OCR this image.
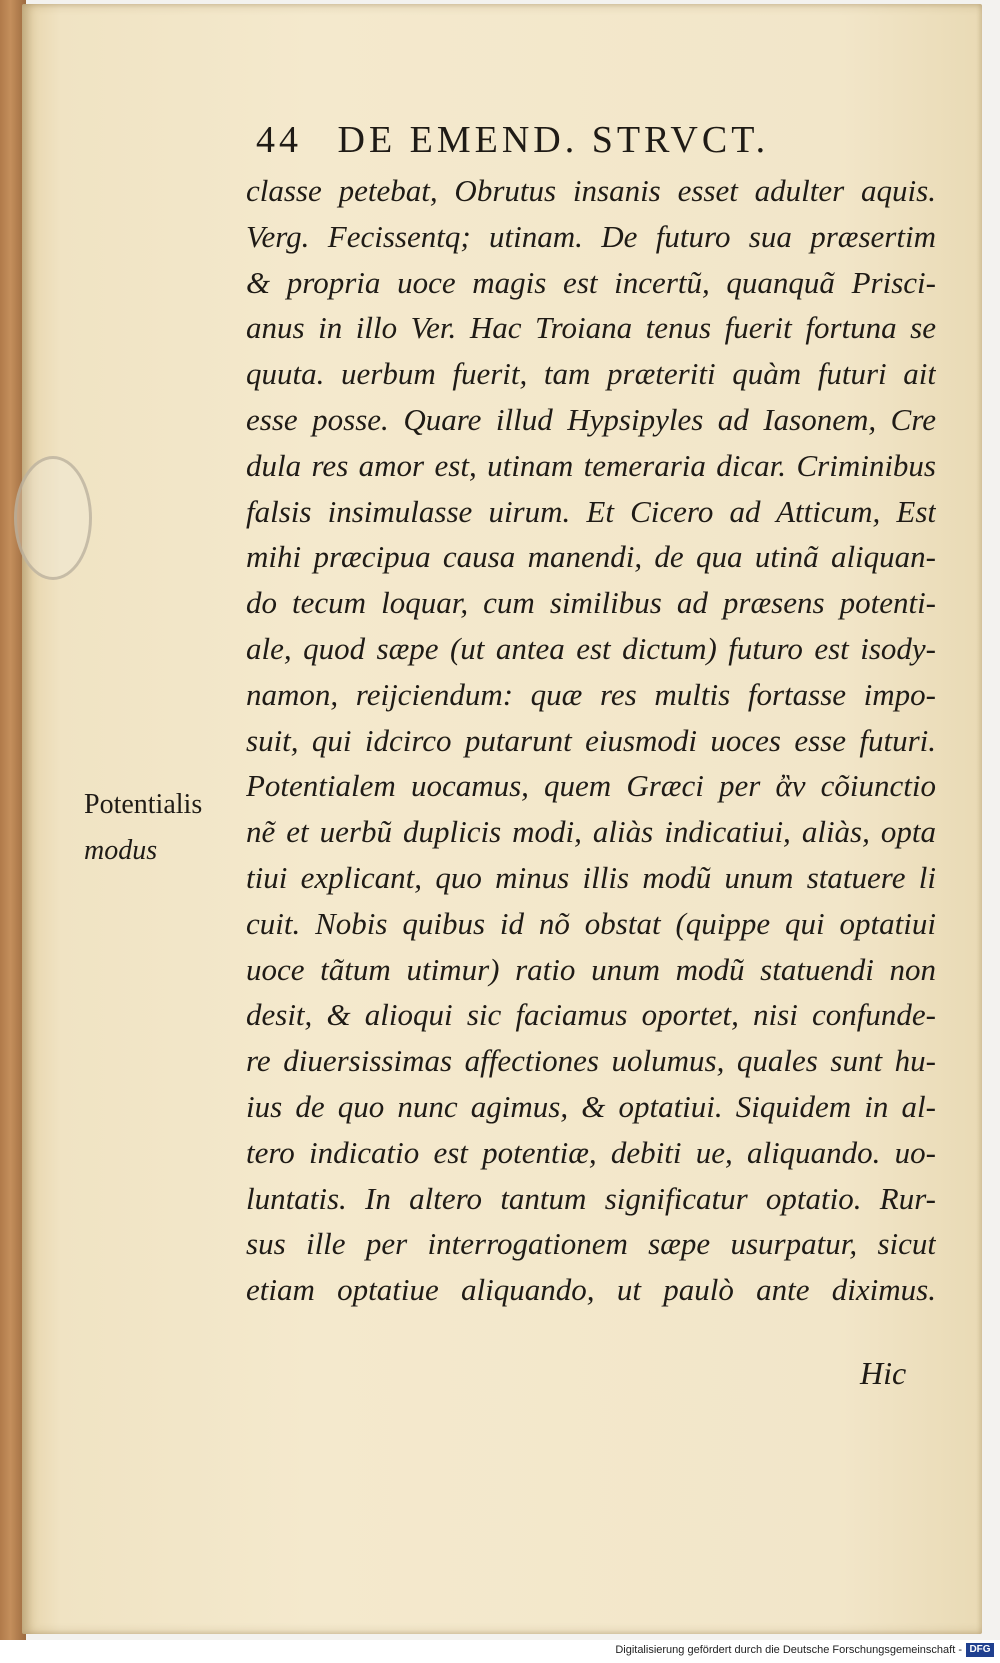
44 DE EMEND. STRVCT.
classe petebat, Obrutus insanis esset adulter aquis.
Verg. Fecissentq; utinam. De futuro sua præsertim
& propria uoce magis est incertũ, quanquã Prisci-
anus in illo Ver. Hac Troiana tenus fuerit fortuna se
quuta. uerbum fuerit, tam præteriti quàm futuri ait
esse posse. Quare illud Hypsipyles ad Iasonem, Cre
dula res amor est, utinam temeraria dicar. Criminibus
falsis insimulasse uirum. Et Cicero ad Atticum, Est
mihi præcipua causa manendi, de qua utinã aliquan-
do tecum loquar, cum similibus ad præsens potenti-
ale, quod sæpe (ut antea est dictum) futuro est isody-
namon, reijciendum: quæ res multis fortasse impo-
suit, qui idcirco putarunt eiusmodi uoces esse futuri.
Potentialem uocamus, quem Græci per ἂν cõiunctio
nẽ et uerbũ duplicis modi, aliàs indicatiui, aliàs, opta
tiui explicant, quo minus illis modũ unum statuere li
cuit. Nobis quibus id nõ obstat (quippe qui optatiui
uoce tãtum utimur) ratio unum modũ statuendi non
desit, & alioqui sic faciamus oportet, nisi confunde-
re diuersissimas affectiones uolumus, quales sunt hu-
ius de quo nunc agimus, & optatiui. Siquidem in al-
tero indicatio est potentiæ, debiti ue, aliquando. uo-
luntatis. In altero tantum significatur optatio. Rur-
sus ille per interrogationem sæpe usurpatur, sicut
etiam optatiue aliquando, ut paulò ante diximus.
Hic
Potentialis
modus
Digitalisierung gefördert durch die Deutsche Forschungsgemeinschaft - DFG
